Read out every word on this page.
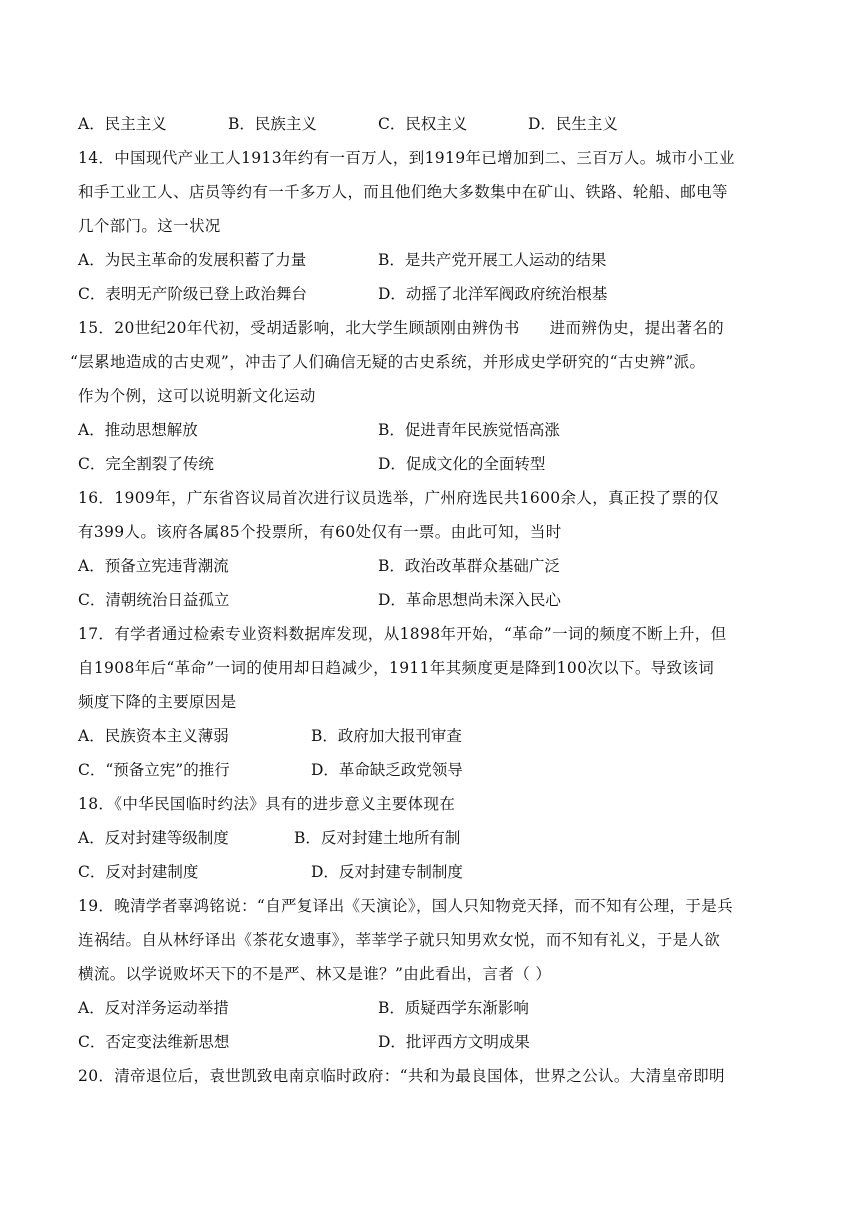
A．民主主义	B．民族主义	C．民权主义	D．民生主义
14．中国现代产业工人1913年约有一百万人，到1919年已增加到二、三百万人。城市小工业
和手工业工人、店员等约有一千多万人，而且他们绝大多数集中在矿山、铁路、轮船、邮电等
几个部门。这一状况
A．为民主革命的发展积蓄了力量	B．是共产党开展工人运动的结果
C．表明无产阶级已登上政治舞台	D．动摇了北洋军阀政府统治根基
15．20世纪20年代初，受胡适影响，北大学生顾颉刚由辨伪书 进而辨伪史，提出著名的
“层累地造成的古史观”，冲击了人们确信无疑的古史系统，并形成史学研究的“古史辨”派。
作为个例，这可以说明新文化运动
A．推动思想解放	B．促进青年民族觉悟高涨
C．完全割裂了传统	D．促成文化的全面转型
16．1909年，广东省咨议局首次进行议员选举，广州府选民共1600余人，真正投了票的仅
有399人。该府各属85个投票所，有60处仅有一票。由此可知，当时
A．预备立宪违背潮流	B．政治改革群众基础广泛
C．清朝统治日益孤立	D．革命思想尚未深入民心
17．有学者通过检索专业资料数据库发现，从1898年开始，“革命”一词的频度不断上升，但
自1908年后“革命”一词的使用却日趋减少，1911年其频度更是降到100次以下。导致该词
频度下降的主要原因是
A．民族资本主义薄弱	B．政府加大报刊审查
C．“预备立宪”的推行	D．革命缺乏政党领导
18．《中华民国临时约法》具有的进步意义主要体现在
A．反对封建等级制度	B．反对封建土地所有制
C．反对封建制度	D．反对封建专制制度
19．晚清学者辜鸿铭说：“自严复译出《天演论》，国人只知物竞天择，而不知有公理，于是兵
连祸结。自从林纾译出《茶花女遗事》，莘莘学子就只知男欢女悦，而不知有礼义，于是人欲
横流。以学说败坏天下的不是严、林又是谁？”由此看出，言者（ ）
A．反对洋务运动举措	B．质疑西学东渐影响
C．否定变法维新思想	D．批评西方文明成果
20．清帝退位后，袁世凯致电南京临时政府：“共和为最良国体，世界之公认。大清皇帝即明
